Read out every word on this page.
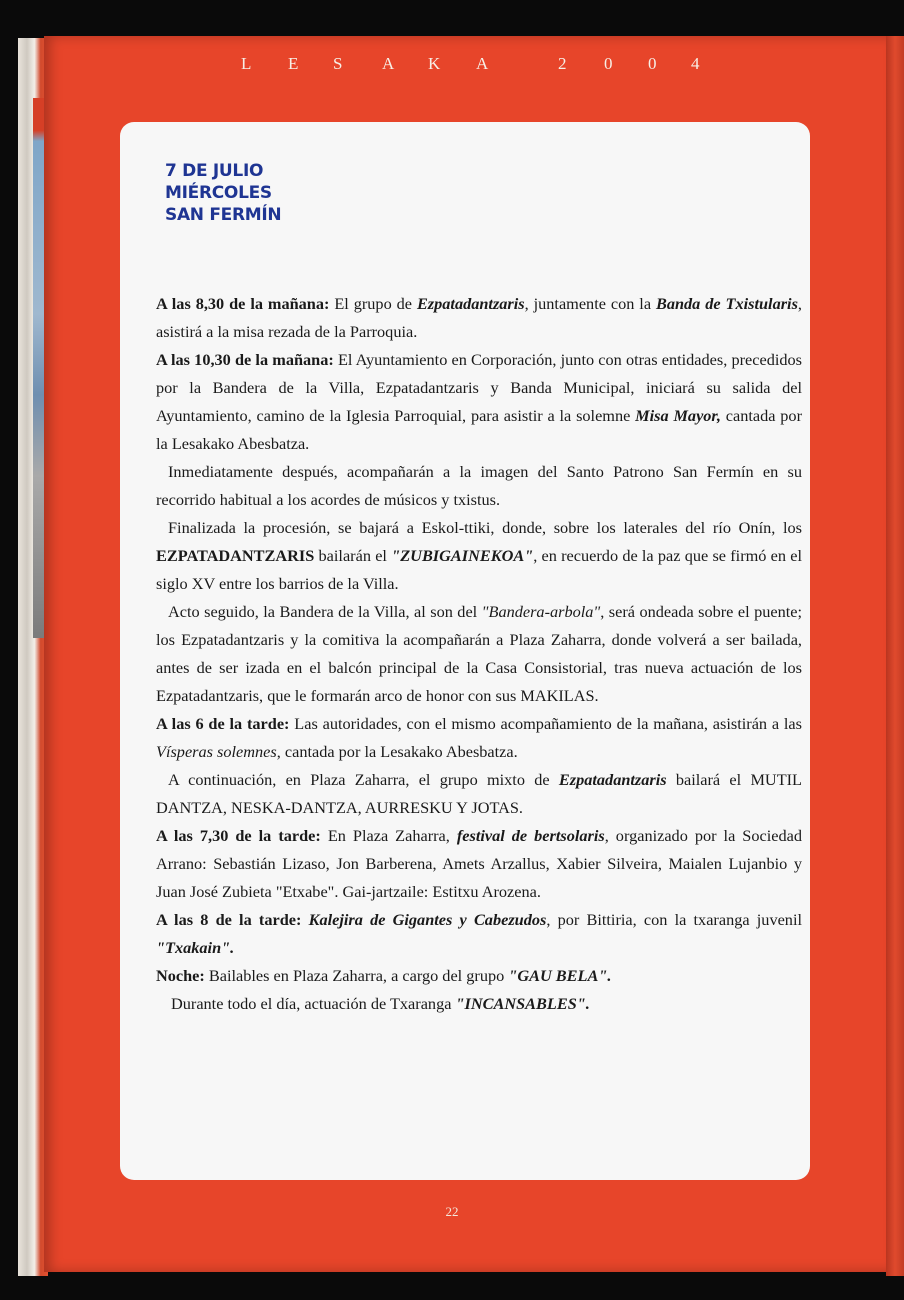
L E S A K A	2 0 0 4
7 DE JULIO
MIÉRCOLES
SAN FERMÍN

A las 8,30 de la mañana: El grupo de Ezpatadantzaris, juntamente con la Banda de Txistularis, asistirá a la misa rezada de la Parroquia.

A las 10,30 de la mañana: El Ayuntamiento en Corporación, junto con otras entidades, precedidos por la Bandera de la Villa, Ezpatadantzaris y Banda Municipal, iniciará su salida del Ayuntamiento, camino de la Iglesia Parroquial, para asistir a la solemne Misa Mayor, cantada por la Lesakako Abesbatza.

Inmediatamente después, acompañarán a la imagen del Santo Patrono San Fermín en su recorrido habitual a los acordes de músicos y txistus.

Finalizada la procesión, se bajará a Eskol-ttiki, donde, sobre los laterales del río Onín, los EZPATADANTZARIS bailarán el "ZUBIGAINEKOA", en recuerdo de la paz que se firmó en el siglo XV entre los barrios de la Villa.

Acto seguido, la Bandera de la Villa, al son del "Bandera-arbola", será ondeada sobre el puente; los Ezpatadantzaris y la comitiva la acompañarán a Plaza Zaharra, donde volverá a ser bailada, antes de ser izada en el balcón principal de la Casa Consistorial, tras nueva actuación de los Ezpatadantzaris, que le formarán arco de honor con sus MAKILAS.

A las 6 de la tarde: Las autoridades, con el mismo acompañamiento de la mañana, asistirán a las Vísperas solemnes, cantada por la Lesakako Abesbatza.

A continuación, en Plaza Zaharra, el grupo mixto de Ezpatadantzaris bailará el MUTIL DANTZA, NESKA-DANTZA, AURRESKU Y JOTAS.

A las 7,30 de la tarde: En Plaza Zaharra, festival de bertsolaris, organizado por la Sociedad Arrano: Sebastián Lizaso, Jon Barberena, Amets Arzallus, Xabier Silveira, Maialen Lujanbio y Juan José Zubieta "Etxabe". Gai-jartzaile: Estitxu Arozena.

A las 8 de la tarde: Kalejira de Gigantes y Cabezudos, por Bittiria, con la txaranga juvenil "Txakain".

Noche: Bailables en Plaza Zaharra, a cargo del grupo "GAU BELA".

Durante todo el día, actuación de Txaranga "INCANSABLES".

22
